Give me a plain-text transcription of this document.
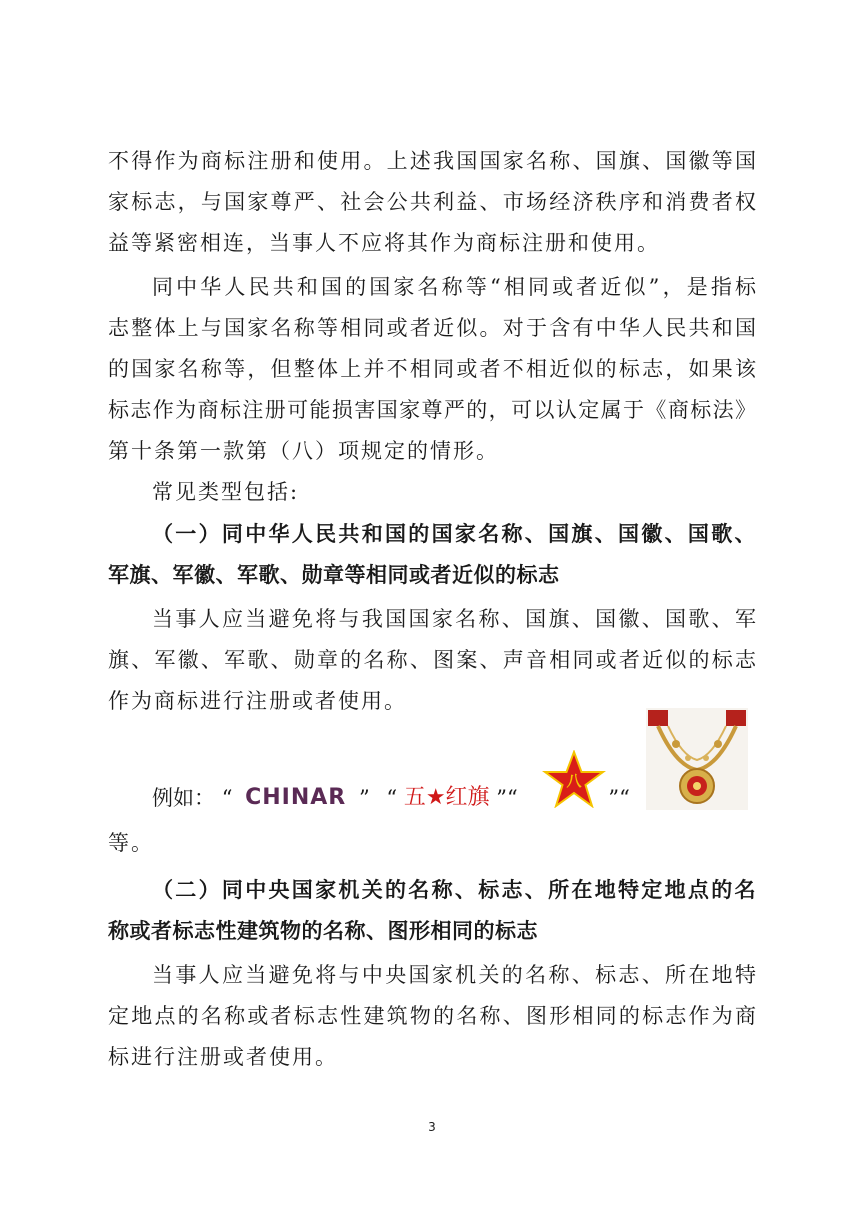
不得作为商标注册和使用。上述我国国家名称、国旗、国徽等国
家标志，与国家尊严、社会公共利益、市场经济秩序和消费者权
益等紧密相连，当事人不应将其作为商标注册和使用。
同中华人民共和国的国家名称等“相同或者近似”，是指标
志整体上与国家名称等相同或者近似。对于含有中华人民共和国
的国家名称等，但整体上并不相同或者不相近似的标志，如果该
标志作为商标注册可能损害国家尊严的，可以认定属于《商标法》
第十条第一款第（八）项规定的情形。
常见类型包括:
（一）同中华人民共和国的国家名称、国旗、国徽、国歌、
军旗、军徽、军歌、勋章等相同或者近似的标志
当事人应当避免将与我国国家名称、国旗、国徽、国歌、军
旗、军徽、军歌、勋章的名称、图案、声音相同或者近似的标志
作为商标进行注册或者使用。
例如： “ CHINAR ” “ 五★红旗 ”“	”“
八
等。
（二）同中央国家机关的名称、标志、所在地特定地点的名
称或者标志性建筑物的名称、图形相同的标志
当事人应当避免将与中央国家机关的名称、标志、所在地特
定地点的名称或者标志性建筑物的名称、图形相同的标志作为商
标进行注册或者使用。
3
